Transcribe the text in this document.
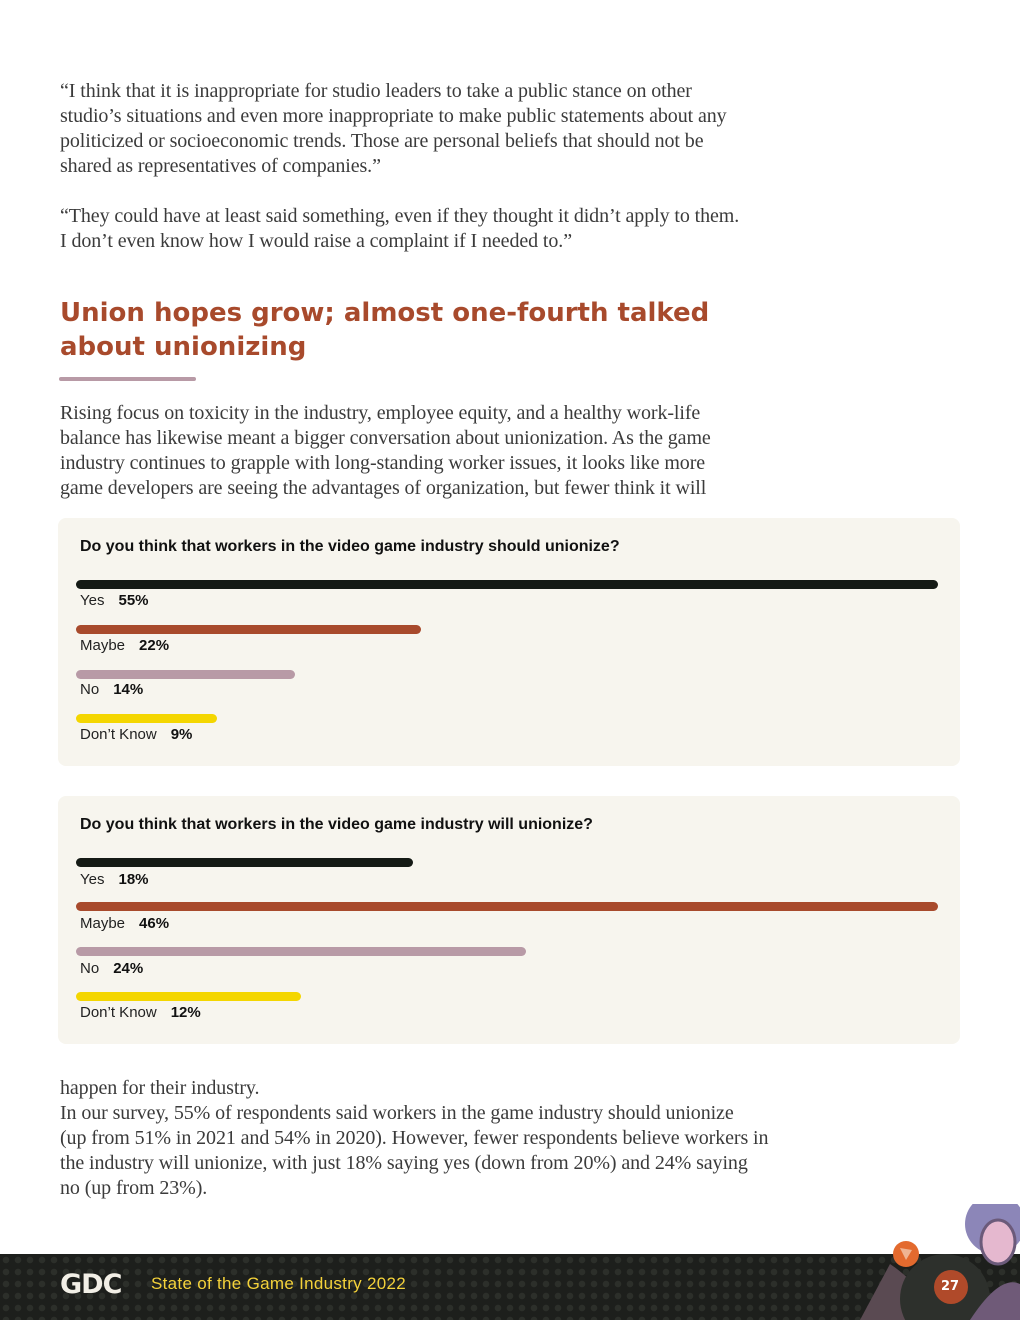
“I think that it is inappropriate for studio leaders to take a public stance on other
studio’s situations and even more inappropriate to make public statements about any
politicized or socioeconomic trends. Those are personal beliefs that should not be
shared as representatives of companies.”

“They could have at least said something, even if they thought it didn’t apply to them.
I don’t even know how I would raise a complaint if I needed to.”

Union hopes grow; almost one-fourth talked
about unionizing

Rising focus on toxicity in the industry, employee equity, and a healthy work-life
balance has likewise meant a bigger conversation about unionization. As the game
industry continues to grapple with long-standing worker issues, it looks like more
game developers are seeing the advantages of organization, but fewer think it will

Do you think that workers in the video game industry should unionize?

Yes 55%
Maybe 22%
No 14%
Don’t Know 9%

Do you think that workers in the video game industry will unionize?

Yes 18%
Maybe 46%
No 24%
Don’t Know 12%

happen for their industry.
In our survey, 55% of respondents said workers in the game industry should unionize
(up from 51% in 2021 and 54% in 2020). However, fewer respondents believe workers in
the industry will unionize, with just 18% saying yes (down from 20%) and 24% saying
no (up from 23%).

GDC State of the Game Industry 2022	27
